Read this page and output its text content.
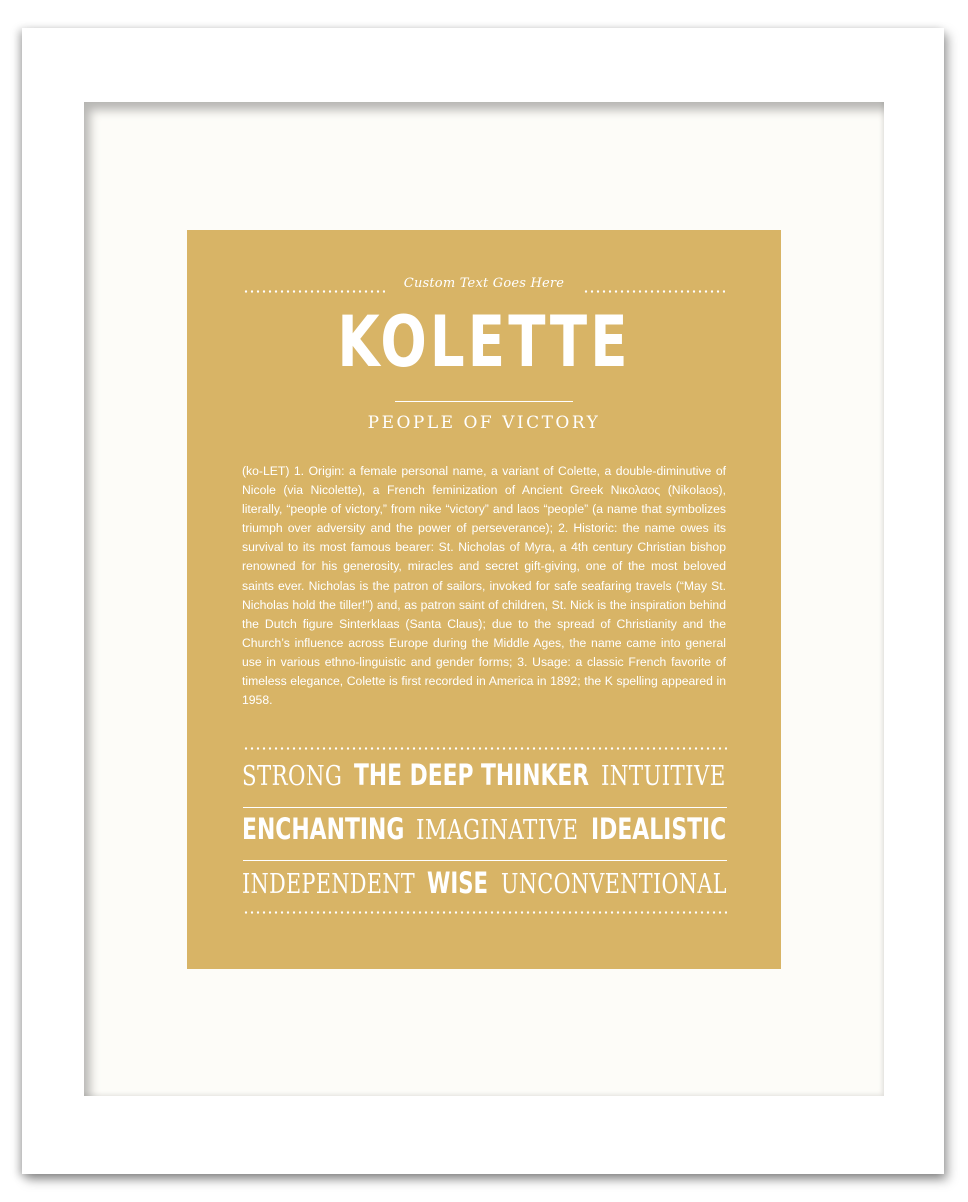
Custom Text Goes Here
KOLETTE
PEOPLE OF VICTORY

(ko-LET) 1. Origin: a female personal name, a variant of Colette, a double-diminutive of Nicole (via Nicolette), a French feminization of Ancient Greek Νικολαος (Nikolaos), literally, “people of victory,” from nike “victory” and laos “people” (a name that symbolizes triumph over adversity and the power of perseverance); 2. Historic: the name owes its survival to its most famous bearer: St. Nicholas of Myra, a 4th century Christian bishop renowned for his generosity, miracles and secret gift-giving, one of the most beloved saints ever. Nicholas is the patron of sailors, invoked for safe seafaring travels (“May St. Nicholas hold the tiller!”) and, as patron saint of children, St. Nick is the inspiration behind the Dutch figure Sinterklaas (Santa Claus); due to the spread of Christianity and the Church’s influence across Europe during the Middle Ages, the name came into general use in various ethno-linguistic and gender forms; 3. Usage: a classic French favorite of timeless elegance, Colette is first recorded in America in 1892; the K spelling appeared in 1958.

STRONG THE DEEP THINKER INTUITIVE
ENCHANTING IMAGINATIVE IDEALISTIC
INDEPENDENT WISE UNCONVENTIONAL
